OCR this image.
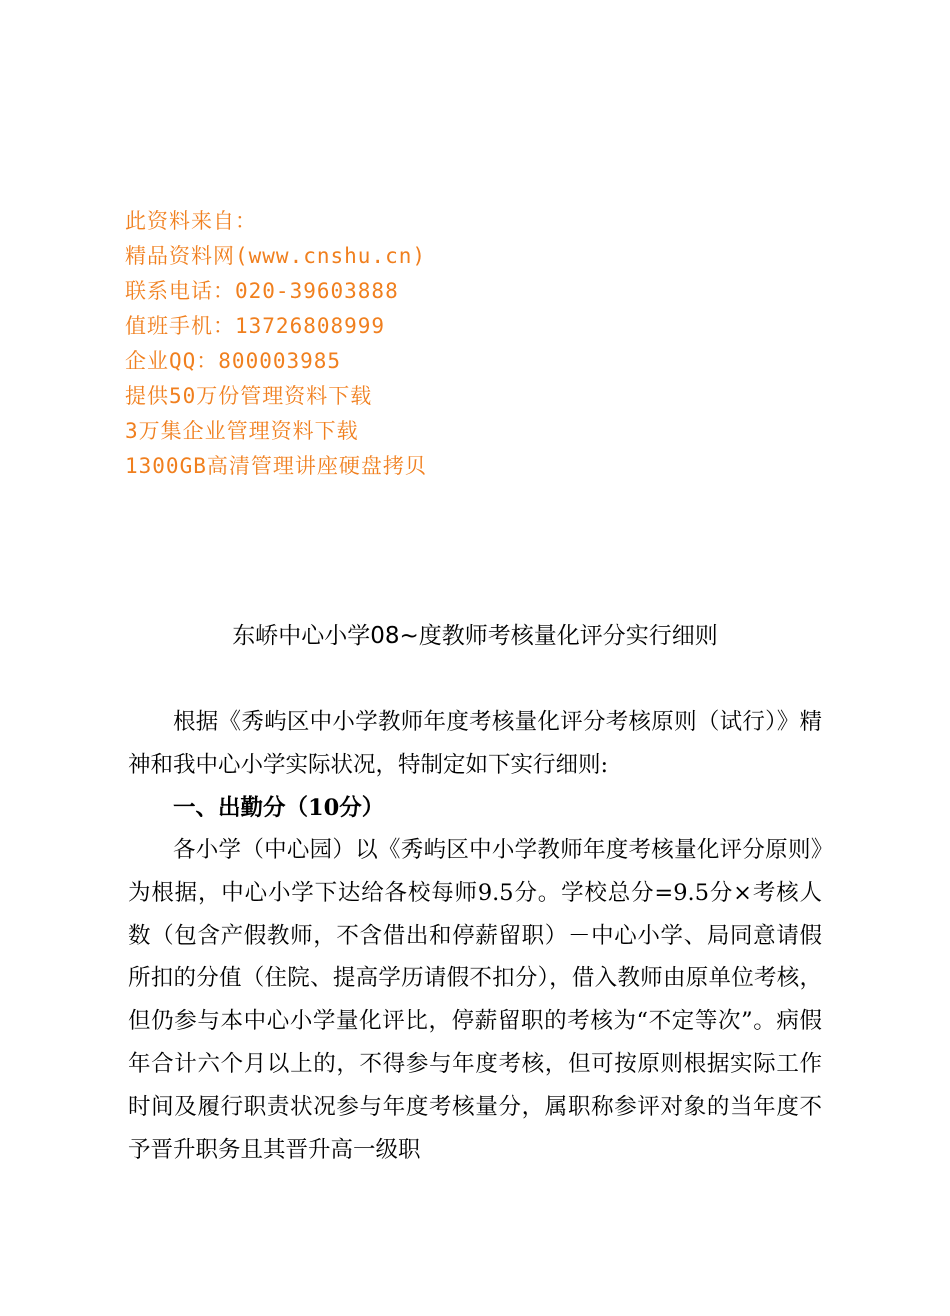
此资料来自：
精品资料网(www.cnshu.cn)
联系电话：020-39603888
值班手机：13726808999
企业QQ：800003985
提供50万份管理资料下载
3万集企业管理资料下载
1300GB高清管理讲座硬盘拷贝
东峤中心小学08~度教师考核量化评分实行细则
根据《秀屿区中小学教师年度考核量化评分考核原则（试行）》精神和我中心小学实际状况，特制定如下实行细则:
一、出勤分（10分）
各小学（中心园）以《秀屿区中小学教师年度考核量化评分原则》为根据，中心小学下达给各校每师9.5分。学校总分=9.5分×考核人数（包含产假教师，不含借出和停薪留职）－中心小学、局同意请假所扣的分值（住院、提高学历请假不扣分），借入教师由原单位考核，但仍参与本中心小学量化评比，停薪留职的考核为“不定等次”。病假年合计六个月以上的，不得参与年度考核，但可按原则根据实际工作时间及履行职责状况参与年度考核量分，属职称参评对象的当年度不予晋升职务且其晋升高一级职
